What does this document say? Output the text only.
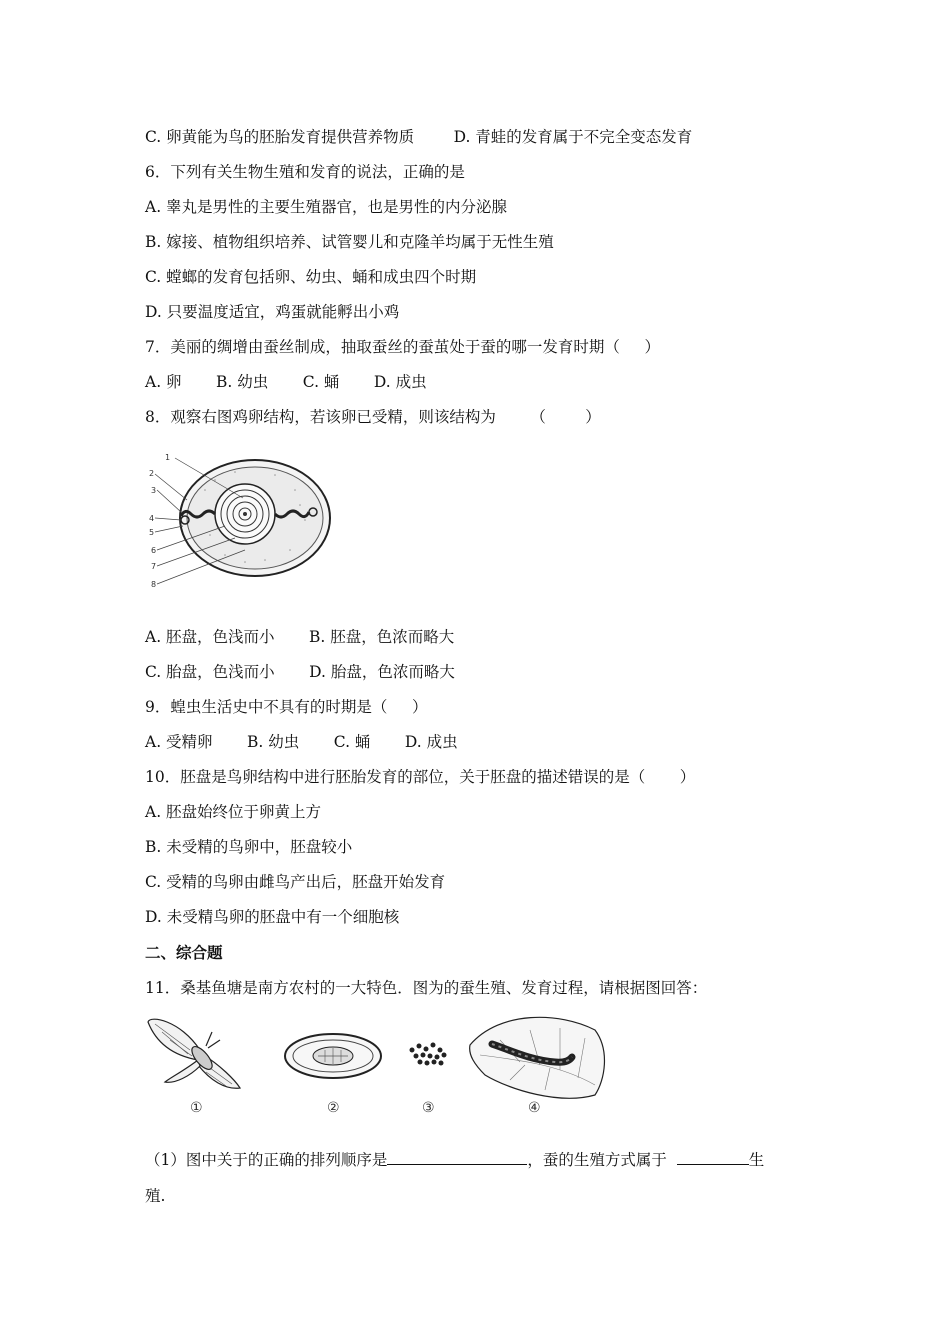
C. 卵黄能为鸟的胚胎发育提供营养物质        D. 青蛙的发育属于不完全变态发育
6．下列有关生物生殖和发育的说法，正确的是
A. 睾丸是男性的主要生殖器官，也是男性的内分泌腺
B. 嫁接、植物组织培养、试管婴儿和克隆羊均属于无性生殖
C. 螳螂的发育包括卵、幼虫、蛹和成虫四个时期
D. 只要温度适宜，鸡蛋就能孵出小鸡
7．美丽的绸增由蚕丝制成，抽取蚕丝的蚕茧处于蚕的哪一发育时期（     ）
A. 卵       B. 幼虫       C. 蛹       D. 成虫
8．观察右图鸡卵结构，若该卵已受精，则该结构为       （        ）
1
2
3
4
5
6
7
8
A. 胚盘，色浅而小       B. 胚盘，色浓而略大
C. 胎盘，色浅而小       D. 胎盘，色浓而略大
9．蝗虫生活史中不具有的时期是（     ）
A. 受精卵       B. 幼虫       C. 蛹       D. 成虫
10．胚盘是鸟卵结构中进行胚胎发育的部位，关于胚盘的描述错误的是（       ）
A. 胚盘始终位于卵黄上方
B. 未受精的鸟卵中，胚盘较小
C. 受精的鸟卵由雌鸟产出后，胚盘开始发育
D. 未受精鸟卵的胚盘中有一个细胞核
二、综合题
11．桑基鱼塘是南方农村的一大特色．图为的蚕生殖、发育过程，请根据图回答：
①	②	③	④
（1）图中关于的正确的排列顺序是	，蚕的生殖方式属于	生
殖.
